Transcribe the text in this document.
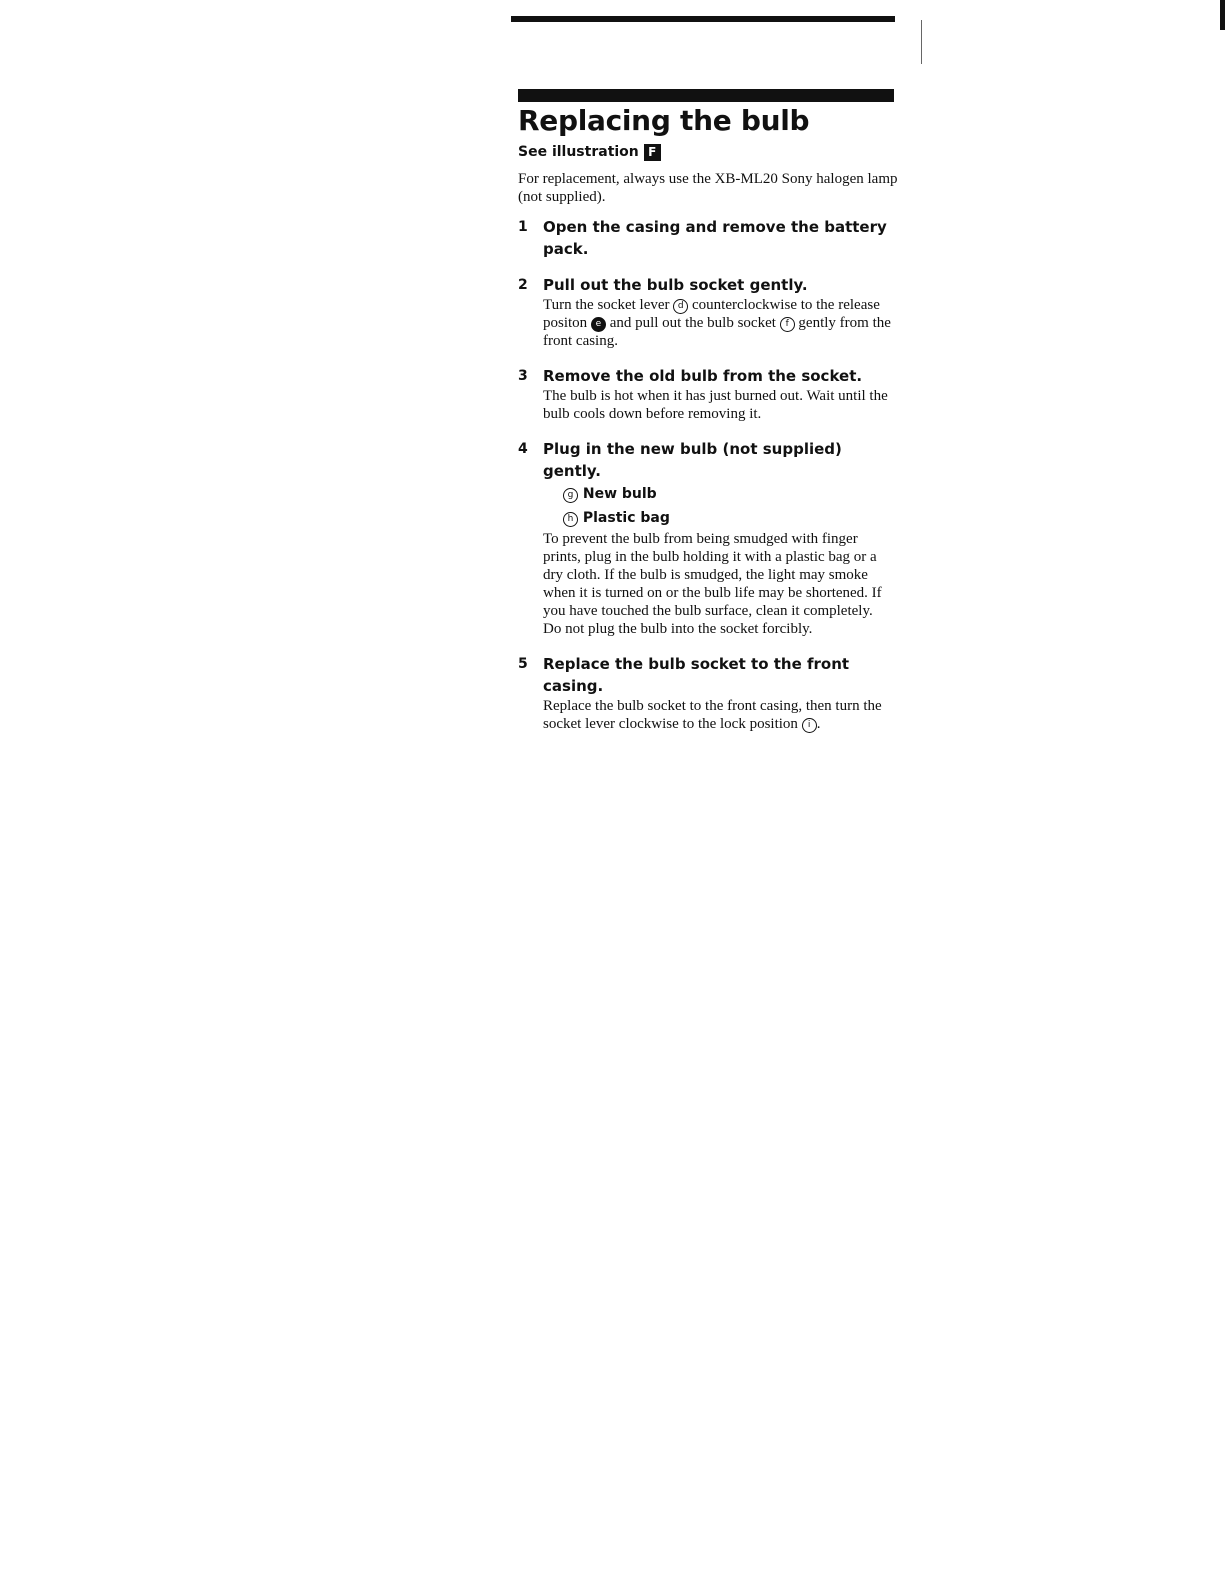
Replacing the bulb
See illustration F

For replacement, always use the XB-ML20 Sony halogen lamp (not supplied).

1 Open the casing and remove the battery pack.

2 Pull out the bulb socket gently.

Turn the socket lever d counterclockwise to the release positon e and pull out the bulb socket f gently from the front casing.

3 Remove the old bulb from the socket.

The bulb is hot when it has just burned out. Wait until the bulb cools down before removing it.

4 Plug in the new bulb (not supplied) gently.

g New bulb
h Plastic bag

To prevent the bulb from being smudged with finger prints, plug in the bulb holding it with a plastic bag or a dry cloth. If the bulb is smudged, the light may smoke when it is turned on or the bulb life may be shortened. If you have touched the bulb surface, clean it completely.

Do not plug the bulb into the socket forcibly.

5 Replace the bulb socket to the front casing.

Replace the bulb socket to the front casing, then turn the socket lever clockwise to the lock position i .
